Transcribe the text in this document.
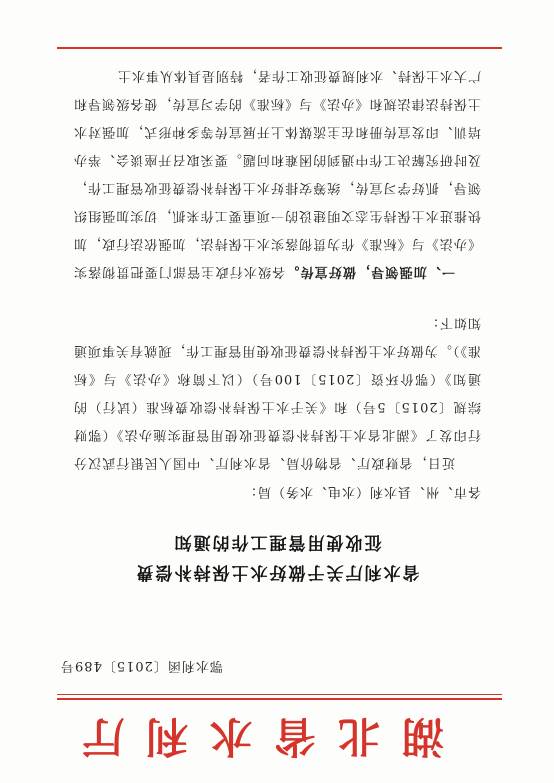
湖北省水利厅
鄂水利函〔2015〕489号
省水利厅关于做好水土保持补偿费
征收使用管理工作的通知
各市、州、县水利（水电、水务）局：
近日，省财政厅、省物价局、省水利厅、中国人民银行武汉分行印发了《湖北省水土保持补偿费征收使用管理实施办法》（鄂财综规〔2015〕5号）和《关于水土保持补偿收费标准（试行）的通知》（鄂价环资〔2015〕100号）（以下简称《办法》与《标准》）。为做好水土保持补偿费征收使用管理工作，现就有关事项通知如下：
一、加强领导，做好宣传。各级水行政主管部门要把贯彻落实《办法》与《标准》作为贯彻落实水土保持法，加强依法行政，加快推进水土保持生态文明建设的一项重要工作来抓，切实加强组织领导，抓好学习宣传，统筹安排好水土保持补偿费征收管理工作，及时研究解决工作中遇到的困难和问题。要采取召开座谈会、举办培训、印发宣传册和在主流媒体上开展宣传等多种形式，加强对水土保持法律法规和《办法》与《标准》的学习宣传，使各级领导和广大水土保持、水利规费征收工作者，特别是具体从事水土
